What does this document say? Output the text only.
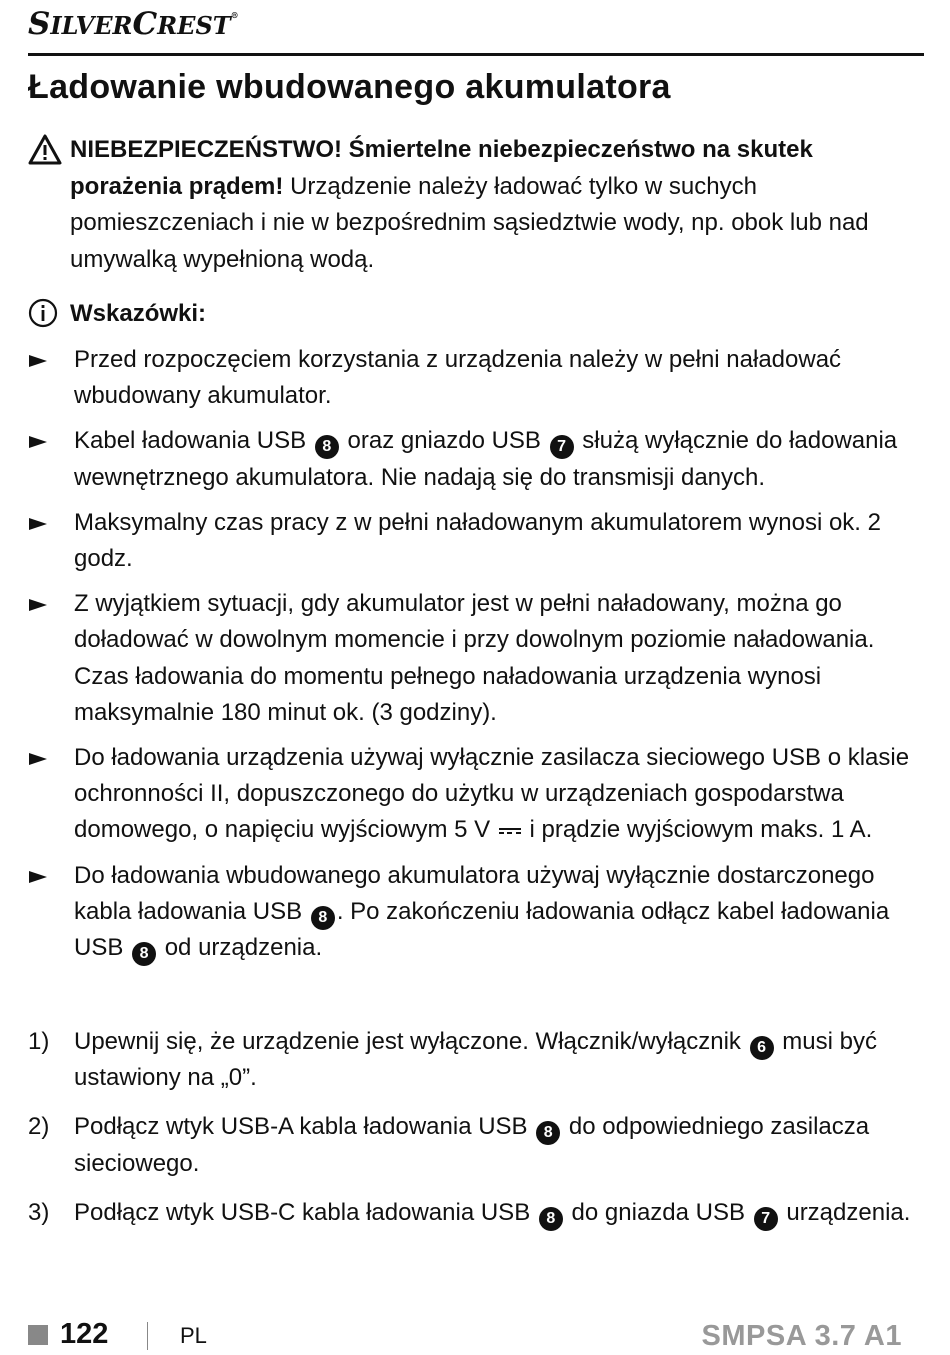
SILVERCREST®
Ładowanie wbudowanego akumulatora
NIEBEZPIECZEŃSTWO! Śmiertelne niebezpieczeństwo na skutek porażenia prądem! Urządzenie należy ładować tylko w suchych pomieszczeniach i nie w bezpośrednim sąsiedztwie wody, np. obok lub nad umywalką wypełnioną wodą.
Wskazówki:
Przed rozpoczęciem korzystania z urządzenia należy w pełni naładować wbudowany akumulator.
Kabel ładowania USB 8 oraz gniazdo USB 7 służą wyłącznie do ładowania wewnętrznego akumulatora. Nie nadają się do transmisji danych.
Maksymalny czas pracy z w pełni naładowanym akumulatorem wynosi ok. 2 godz.
Z wyjątkiem sytuacji, gdy akumulator jest w pełni naładowany, można go doładować w dowolnym momencie i przy dowolnym poziomie naładowania. Czas ładowania do momentu pełnego naładowania urządzenia wynosi maksymalnie 180 minut ok. (3 godziny).
Do ładowania urządzenia używaj wyłącznie zasilacza sieciowego USB o klasie ochronności II, dopuszczonego do użytku w urządzeniach gospodarstwa domowego, o napięciu wyjściowym 5 V i prądzie wyjściowym maks. 1 A.
Do ładowania wbudowanego akumulatora używaj wyłącznie dostarczonego kabla ładowania USB 8 . Po zakończeniu ładowania odłącz kabel ładowania USB 8 od urządzenia.
1) Upewnij się, że urządzenie jest wyłączone. Włącznik/wyłącznik 6 musi być ustawiony na „0”.
2) Podłącz wtyk USB-A kabla ładowania USB 8 do odpowiedniego zasilacza sieciowego.
3) Podłącz wtyk USB-C kabla ładowania USB 8 do gniazda USB 7 urządzenia.
122	PL	SMPSA 3.7 A1
